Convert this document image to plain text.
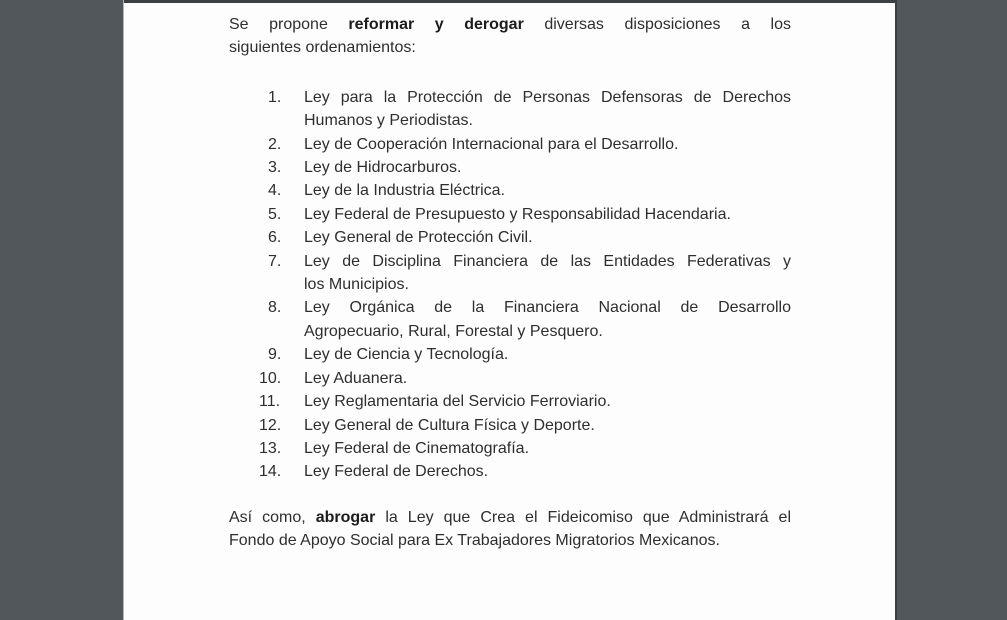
Se propone reformar y derogar diversas disposiciones a los
siguientes ordenamientos:
1. Ley para la Protección de Personas Defensoras de Derechos
Humanos y Periodistas.
2. Ley de Cooperación Internacional para el Desarrollo.
3. Ley de Hidrocarburos.
4. Ley de la Industria Eléctrica.
5. Ley Federal de Presupuesto y Responsabilidad Hacendaria.
6. Ley General de Protección Civil.
7. Ley de Disciplina Financiera de las Entidades Federativas y
los Municipios.
8. Ley Orgánica de la Financiera Nacional de Desarrollo
Agropecuario, Rural, Forestal y Pesquero.
9. Ley de Ciencia y Tecnología.
10. Ley Aduanera.
11. Ley Reglamentaria del Servicio Ferroviario.
12. Ley General de Cultura Física y Deporte.
13. Ley Federal de Cinematografía.
14. Ley Federal de Derechos.
Así como, abrogar la Ley que Crea el Fideicomiso que Administrará el
Fondo de Apoyo Social para Ex Trabajadores Migratorios Mexicanos.
